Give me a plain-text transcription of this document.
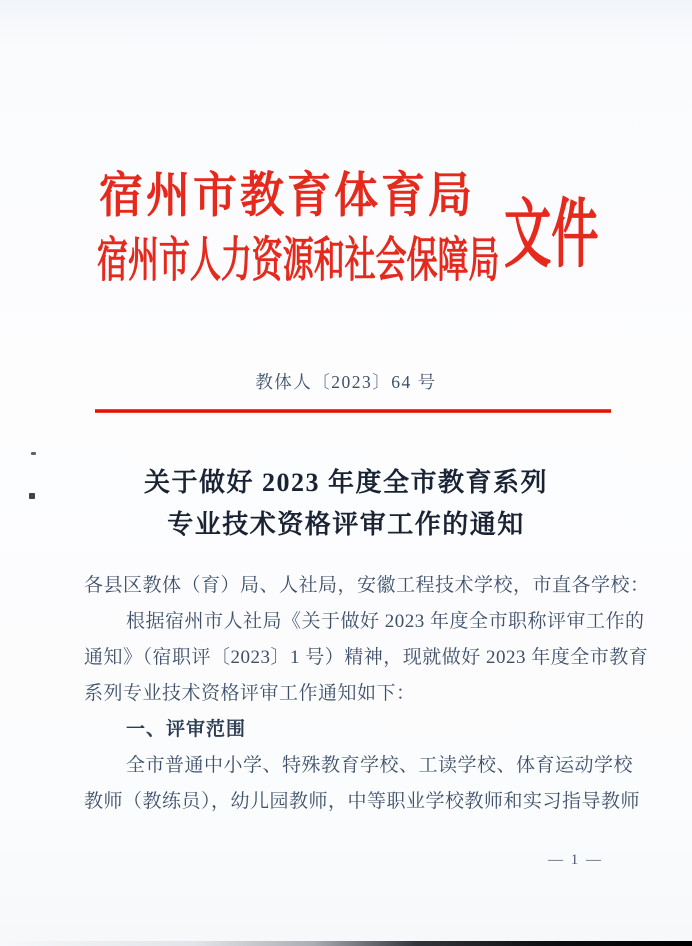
宿州市教育体育局
宿州市人力资源和社会保障局 文件
教体人〔2023〕64 号
关于做好 2023 年度全市教育系列
专业技术资格评审工作的通知
各县区教体（育）局、人社局，安徽工程技术学校，市直各学校：
根据宿州市人社局《关于做好 2023 年度全市职称评审工作的
通知》（宿职评〔2023〕1 号）精神，现就做好 2023 年度全市教育
系列专业技术资格评审工作通知如下：
一、评审范围
全市普通中小学、特殊教育学校、工读学校、体育运动学校
教师（教练员），幼儿园教师，中等职业学校教师和实习指导教师
— 1 —
